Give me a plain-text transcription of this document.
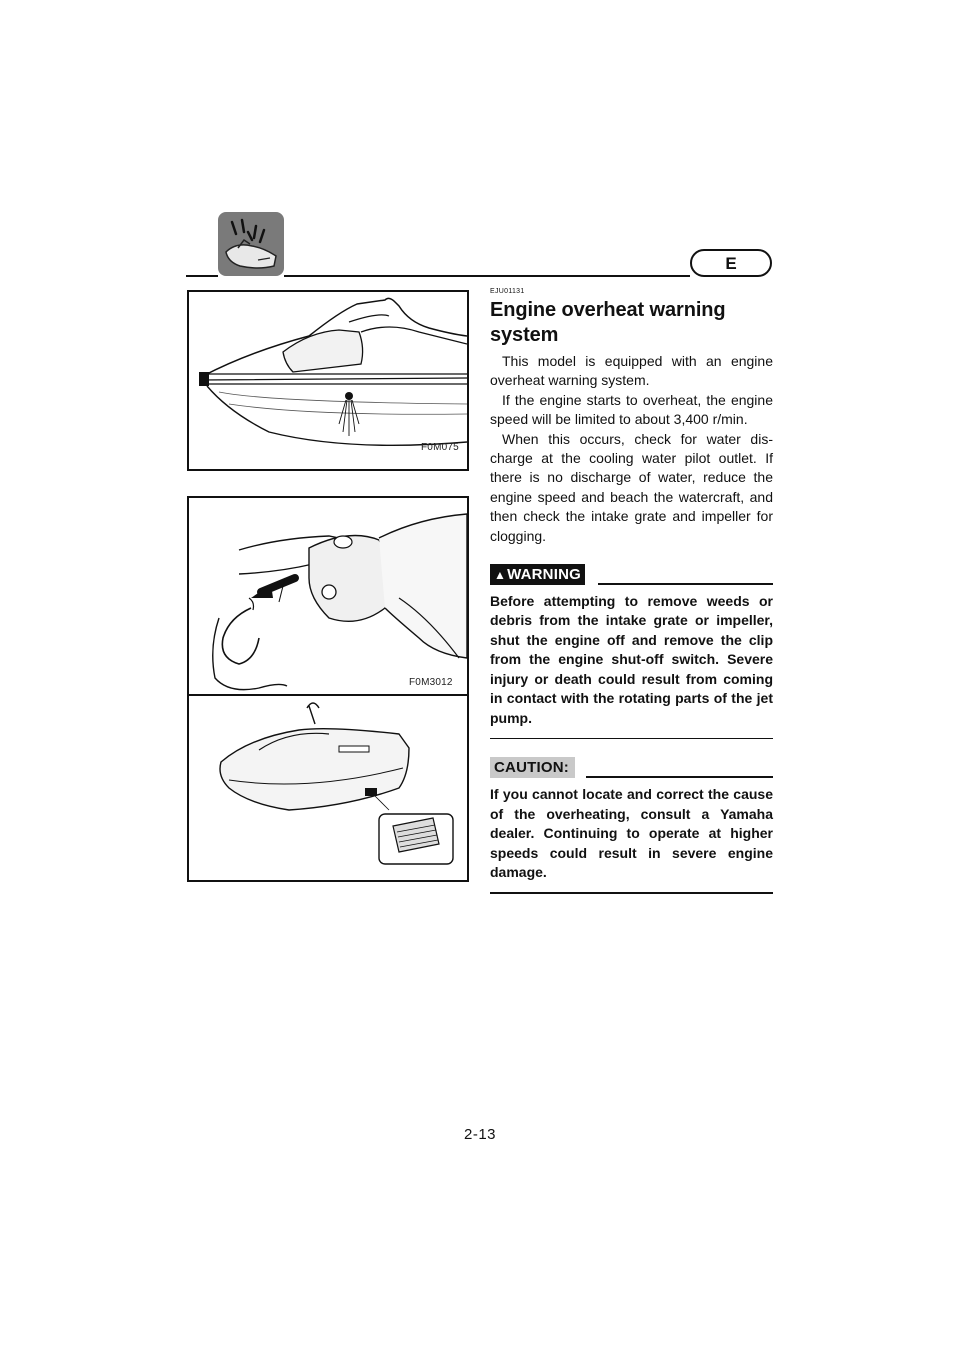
E
F0M075
F0M3012

EJU01131

Engine overheat warning system

This model is equipped with an engine overheat warning system.

If the engine starts to overheat, the engine speed will be limited to about 3,400 r/min.

When this occurs, check for water dis-charge at the cooling water pilot outlet. If there is no discharge of water, reduce the engine speed and beach the watercraft, and then check the intake grate and impeller for clogging.

▲WARNING

Before attempting to remove weeds or debris from the intake grate or impeller, shut the engine off and remove the clip from the engine shut-off switch. Severe injury or death could result from coming in contact with the rotating parts of the jet pump.

CAUTION:

If you cannot locate and correct the cause of the overheating, consult a Yamaha dealer. Continuing to operate at higher speeds could result in severe engine damage.

2-13
